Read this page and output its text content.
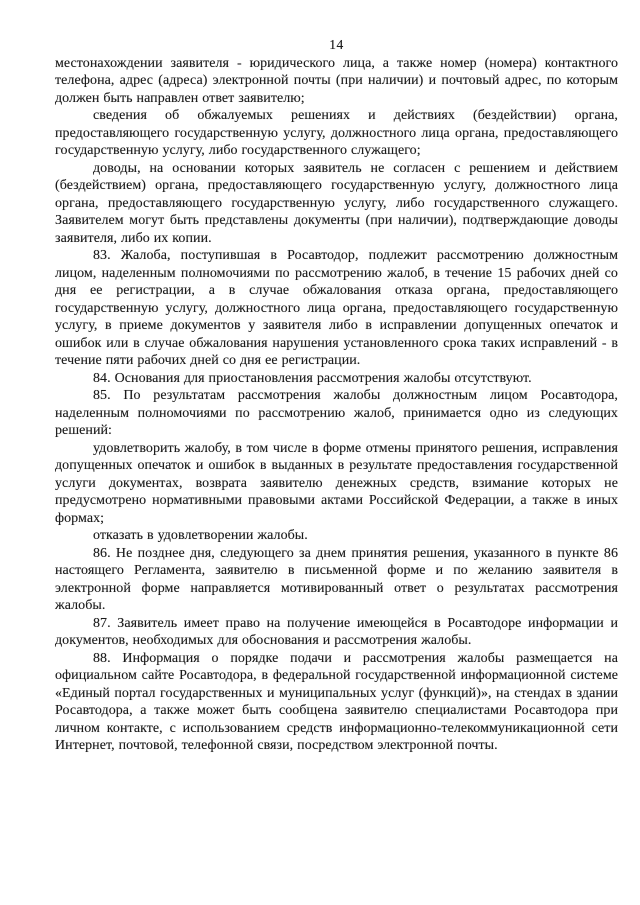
14

местонахождении заявителя - юридического лица, а также номер (номера) контактного телефона, адрес (адреса) электронной почты (при наличии) и почтовый адрес, по которым должен быть направлен ответ заявителю;

сведения об обжалуемых решениях и действиях (бездействии) органа, предоставляющего государственную услугу, должностного лица органа, предоставляющего государственную услугу, либо государственного служащего;

доводы, на основании которых заявитель не согласен с решением и действием (бездействием) органа, предоставляющего государственную услугу, должностного лица органа, предоставляющего государственную услугу, либо государственного служащего. Заявителем могут быть представлены документы (при наличии), подтверждающие доводы заявителя, либо их копии.

83. Жалоба, поступившая в Росавтодор, подлежит рассмотрению должностным лицом, наделенным полномочиями по рассмотрению жалоб, в течение 15 рабочих дней со дня ее регистрации, а в случае обжалования отказа органа, предоставляющего государственную услугу, должностного лица органа, предоставляющего государственную услугу, в приеме документов у заявителя либо в исправлении допущенных опечаток и ошибок или в случае обжалования нарушения установленного срока таких исправлений - в течение пяти рабочих дней со дня ее регистрации.

84. Основания для приостановления рассмотрения жалобы отсутствуют.

85. По результатам рассмотрения жалобы должностным лицом Росавтодора, наделенным полномочиями по рассмотрению жалоб, принимается одно из следующих решений:

удовлетворить жалобу, в том числе в форме отмены принятого решения, исправления допущенных опечаток и ошибок в выданных в результате предоставления государственной услуги документах, возврата заявителю денежных средств, взимание которых не предусмотрено нормативными правовыми актами Российской Федерации, а также в иных формах;

отказать в удовлетворении жалобы.

86. Не позднее дня, следующего за днем принятия решения, указанного в пункте 86 настоящего Регламента, заявителю в письменной форме и по желанию заявителя в электронной форме направляется мотивированный ответ о результатах рассмотрения жалобы.

87. Заявитель имеет право на получение имеющейся в Росавтодоре информации и документов, необходимых для обоснования и рассмотрения жалобы.

88. Информация о порядке подачи и рассмотрения жалобы размещается на официальном сайте Росавтодора, в федеральной государственной информационной системе «Единый портал государственных и муниципальных услуг (функций)», на стендах в здании Росавтодора, а также может быть сообщена заявителю специалистами Росавтодора при личном контакте, с использованием средств информационно-телекоммуникационной сети Интернет, почтовой, телефонной связи, посредством электронной почты.
